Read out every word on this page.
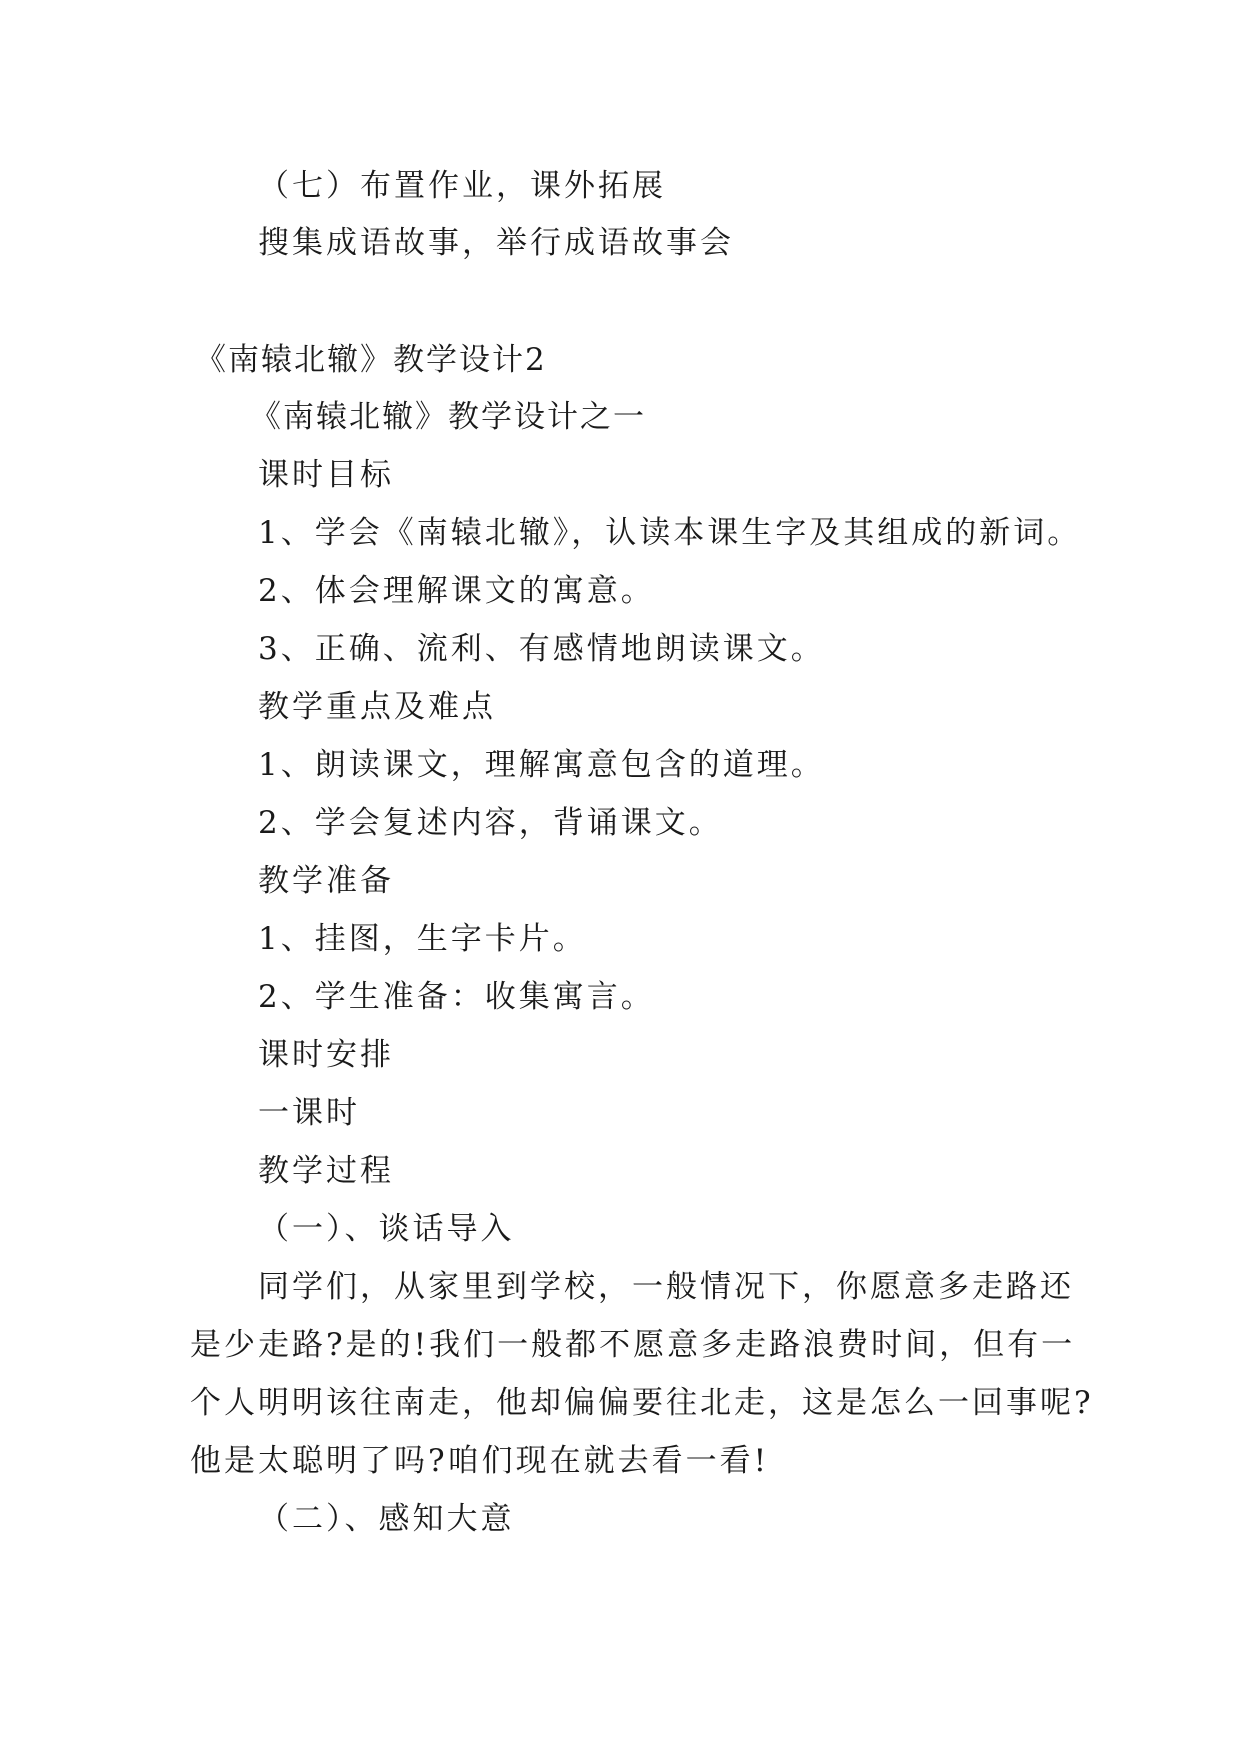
（七）布置作业，课外拓展
搜集成语故事，举行成语故事会
《南辕北辙》教学设计2
《南辕北辙》教学设计之一
课时目标
1、学会《南辕北辙》，认读本课生字及其组成的新词。
2、体会理解课文的寓意。
3、正确、流利、有感情地朗读课文。
教学重点及难点
1、朗读课文，理解寓意包含的道理。
2、学会复述内容，背诵课文。
教学准备
1、挂图，生字卡片。
2、学生准备：收集寓言。
课时安排
一课时
教学过程
（一）、谈话导入
同学们，从家里到学校，一般情况下，你愿意多走路还
是少走路?是的!我们一般都不愿意多走路浪费时间，但有一
个人明明该往南走，他却偏偏要往北走，这是怎么一回事呢?
他是太聪明了吗?咱们现在就去看一看!
（二）、感知大意
